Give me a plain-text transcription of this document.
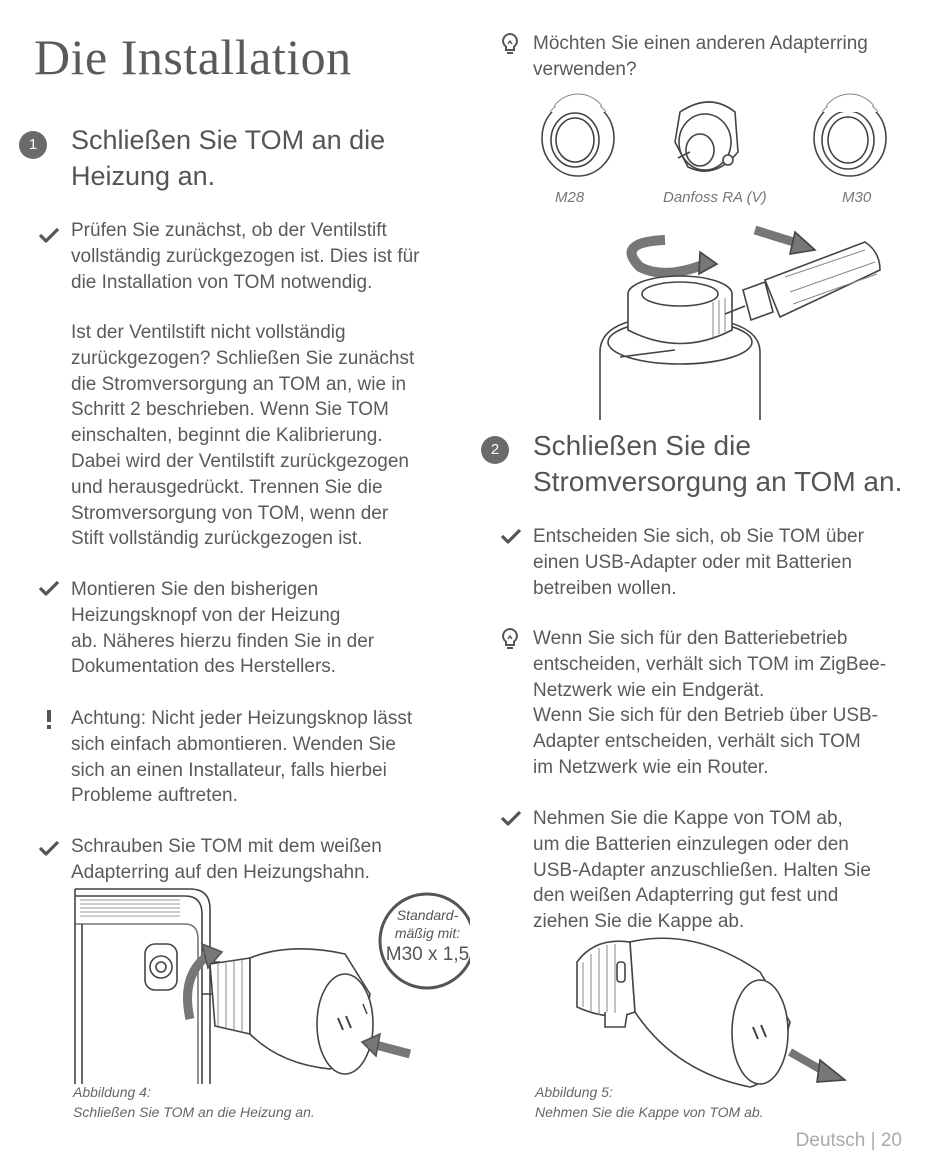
Die Installation
1	Schließen Sie TOM an die
Heizung an.
Prüfen Sie zunächst, ob der Ventilstift
vollständig zurückgezogen ist. Dies ist für
die Installation von TOM notwendig.
Ist der Ventilstift nicht vollständig
zurückgezogen? Schließen Sie zunächst
die Stromversorgung an TOM an, wie in
Schritt 2 beschrieben. Wenn Sie TOM
einschalten, beginnt die Kalibrierung.
Dabei wird der Ventilstift zurückgezogen
und herausgedrückt. Trennen Sie die
Stromversorgung von TOM, wenn der
Stift vollständig zurückgezogen ist.
Montieren Sie den bisherigen
Heizungsknopf von der Heizung
ab. Näheres hierzu finden Sie in der
Dokumentation des Herstellers.
Achtung: Nicht jeder Heizungsknop lässt
sich einfach abmontieren. Wenden Sie
sich an einen Installateur, falls hierbei
Probleme auftreten.
Schrauben Sie TOM mit dem weißen
Adapterring auf den Heizungshahn.
Standard-
mäßig mit:
M30 x 1,5
Abbildung 4:
Schließen Sie TOM an die Heizung an.
Möchten Sie einen anderen Adapterring
verwenden?
M28	Danfoss RA (V)	M30
2	Schließen Sie die
Stromversorgung an TOM an.
Entscheiden Sie sich, ob Sie TOM über
einen USB-Adapter oder mit Batterien
betreiben wollen.
Wenn Sie sich für den Batteriebetrieb
entscheiden, verhält sich TOM im ZigBee-
Netzwerk wie ein Endgerät.
Wenn Sie sich für den Betrieb über USB-
Adapter entscheiden, verhält sich TOM
im Netzwerk wie ein Router.
Nehmen Sie die Kappe von TOM ab,
um die Batterien einzulegen oder den
USB-Adapter anzuschließen. Halten Sie
den weißen Adapterring gut fest und
ziehen Sie die Kappe ab.
Abbildung 5:
Nehmen Sie die Kappe von TOM ab.
Deutsch | 20
